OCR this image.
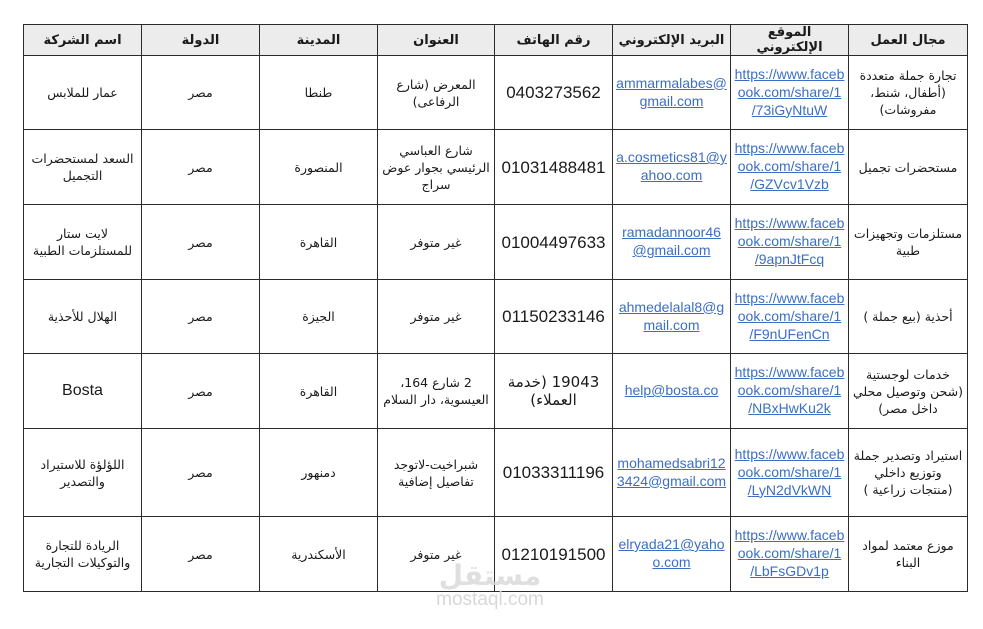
مجال العمل	الموقع الإلكتروني	البريد الإلكتروني	رقم الهاتف	العنوان	المدينة	الدولة	اسم الشركة
تجارة جملة متعددة (أطفال، شنط، مفروشات)	https://www.facebook.com/share/173iGyNtuW/	ammarmalabes@gmail.com	0403273562	المعرض (شارع الرفاعى)	طنطا	مصر	عمار للملابس
مستحضرات تجميل	https://www.facebook.com/share/1GZVcv1Vzb/	a.cosmetics81@yahoo.com	01031488481	شارع العباسي الرئيسي بجوار عوض سراج	المنصورة	مصر	السعد لمستحضرات التجميل
مستلزمات وتجهيزات طبية	https://www.facebook.com/share/19apnJtFcq/	ramadannoor46@gmail.com	01004497633	غير متوفر	القاهرة	مصر	لايت ستار للمستلزمات الطبية
أحذية (بيع جملة )	https://www.facebook.com/share/1F9nUFenCn/	ahmedelalal8@gmail.com	01150233146	غير متوفر	الجيزة	مصر	الهلال للأحذية
خدمات لوجستية (شحن وتوصيل محلي داخل مصر)	https://www.facebook.com/share/1NBxHwKu2k/	help@bosta.co	19043 (خدمة العملاء)	2 شارع 164، العيسوية، دار السلام	القاهرة	مصر	Bosta
استيراد وتصدير جملة وتوزيع داخلي (منتجات زراعية )	https://www.facebook.com/share/1LyN2dVkWN/	mohamedsabri123424@gmail.com	01033311196	شبراخيت-لاتوجد تفاصيل إضافية	دمنهور	مصر	اللؤلؤة للاستيراد والتصدير
موزع معتمد لمواد البناء	https://www.facebook.com/share/1LbFsGDv1p/	elryada21@yahoo.com	01210191500	غير متوفر	الأسكندرية	مصر	الريادة للتجارة والتوكيلات التجارية	مستقل
mostaql.com
